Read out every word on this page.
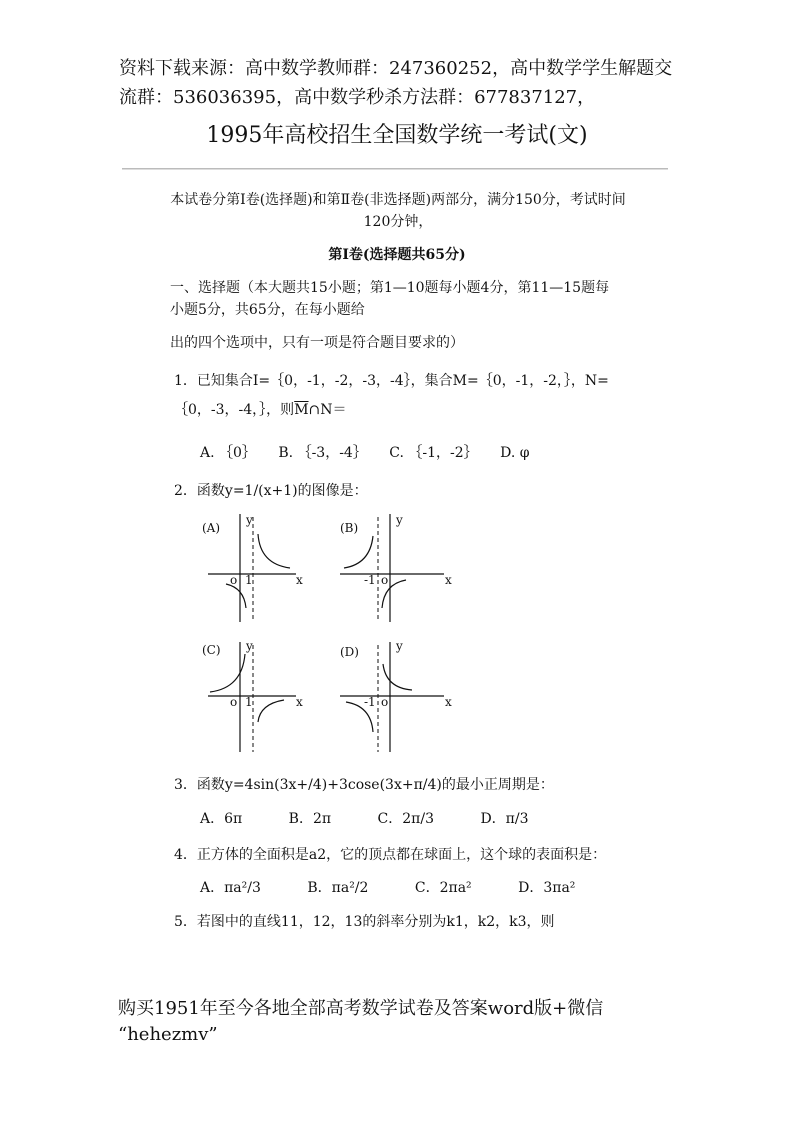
资料下载来源：高中数学教师群：247360252，高中数学学生解题交
流群：536036395，高中数学秒杀方法群：677837127，
1995年高校招生全国数学统一考试(文)
本试卷分第Ⅰ卷(选择题)和第Ⅱ卷(非选择题)两部分，满分150分，考试时间
120分钟，
第Ⅰ卷(选择题共65分)
一、选择题（本大题共15小题；第1—10题每小题4分，第11—15题每
小题5分，共65分，在每小题给
出的四个选项中，只有一项是符合题目要求的）
1．已知集合I=｛0，-1，-2，-3，-4｝，集合M=｛0，-1，-2，｝，N=
｛0，-3，-4，｝，则$\overline{M}\cap N=$
A. ｛0｝ B. ｛-3，-4｝ C. ｛-1，-2｝ D. φ
2．函数y=1/(x+1)的图像是：
(A)
y
x
o 1
(B)
y
x
-1 o
(C) y
x
o 1
(D)	y
x
-1 o
3．函数y=4sin(3x+/4)+3cose(3x+π/4)的最小正周期是：
A．6π	B．2π	C．2π/3	D．π/3
4．正方体的全面积是a2，它的顶点都在球面上，这个球的表面积是：
A．πa²/3	B．πa²/2	C．2πa²	D．3πa²
5．若图中的直线11，12，13的斜率分别为k1，k2，k3，则
购买1951年至今各地全部高考数学试卷及答案word版+微信
“hehezmv”
